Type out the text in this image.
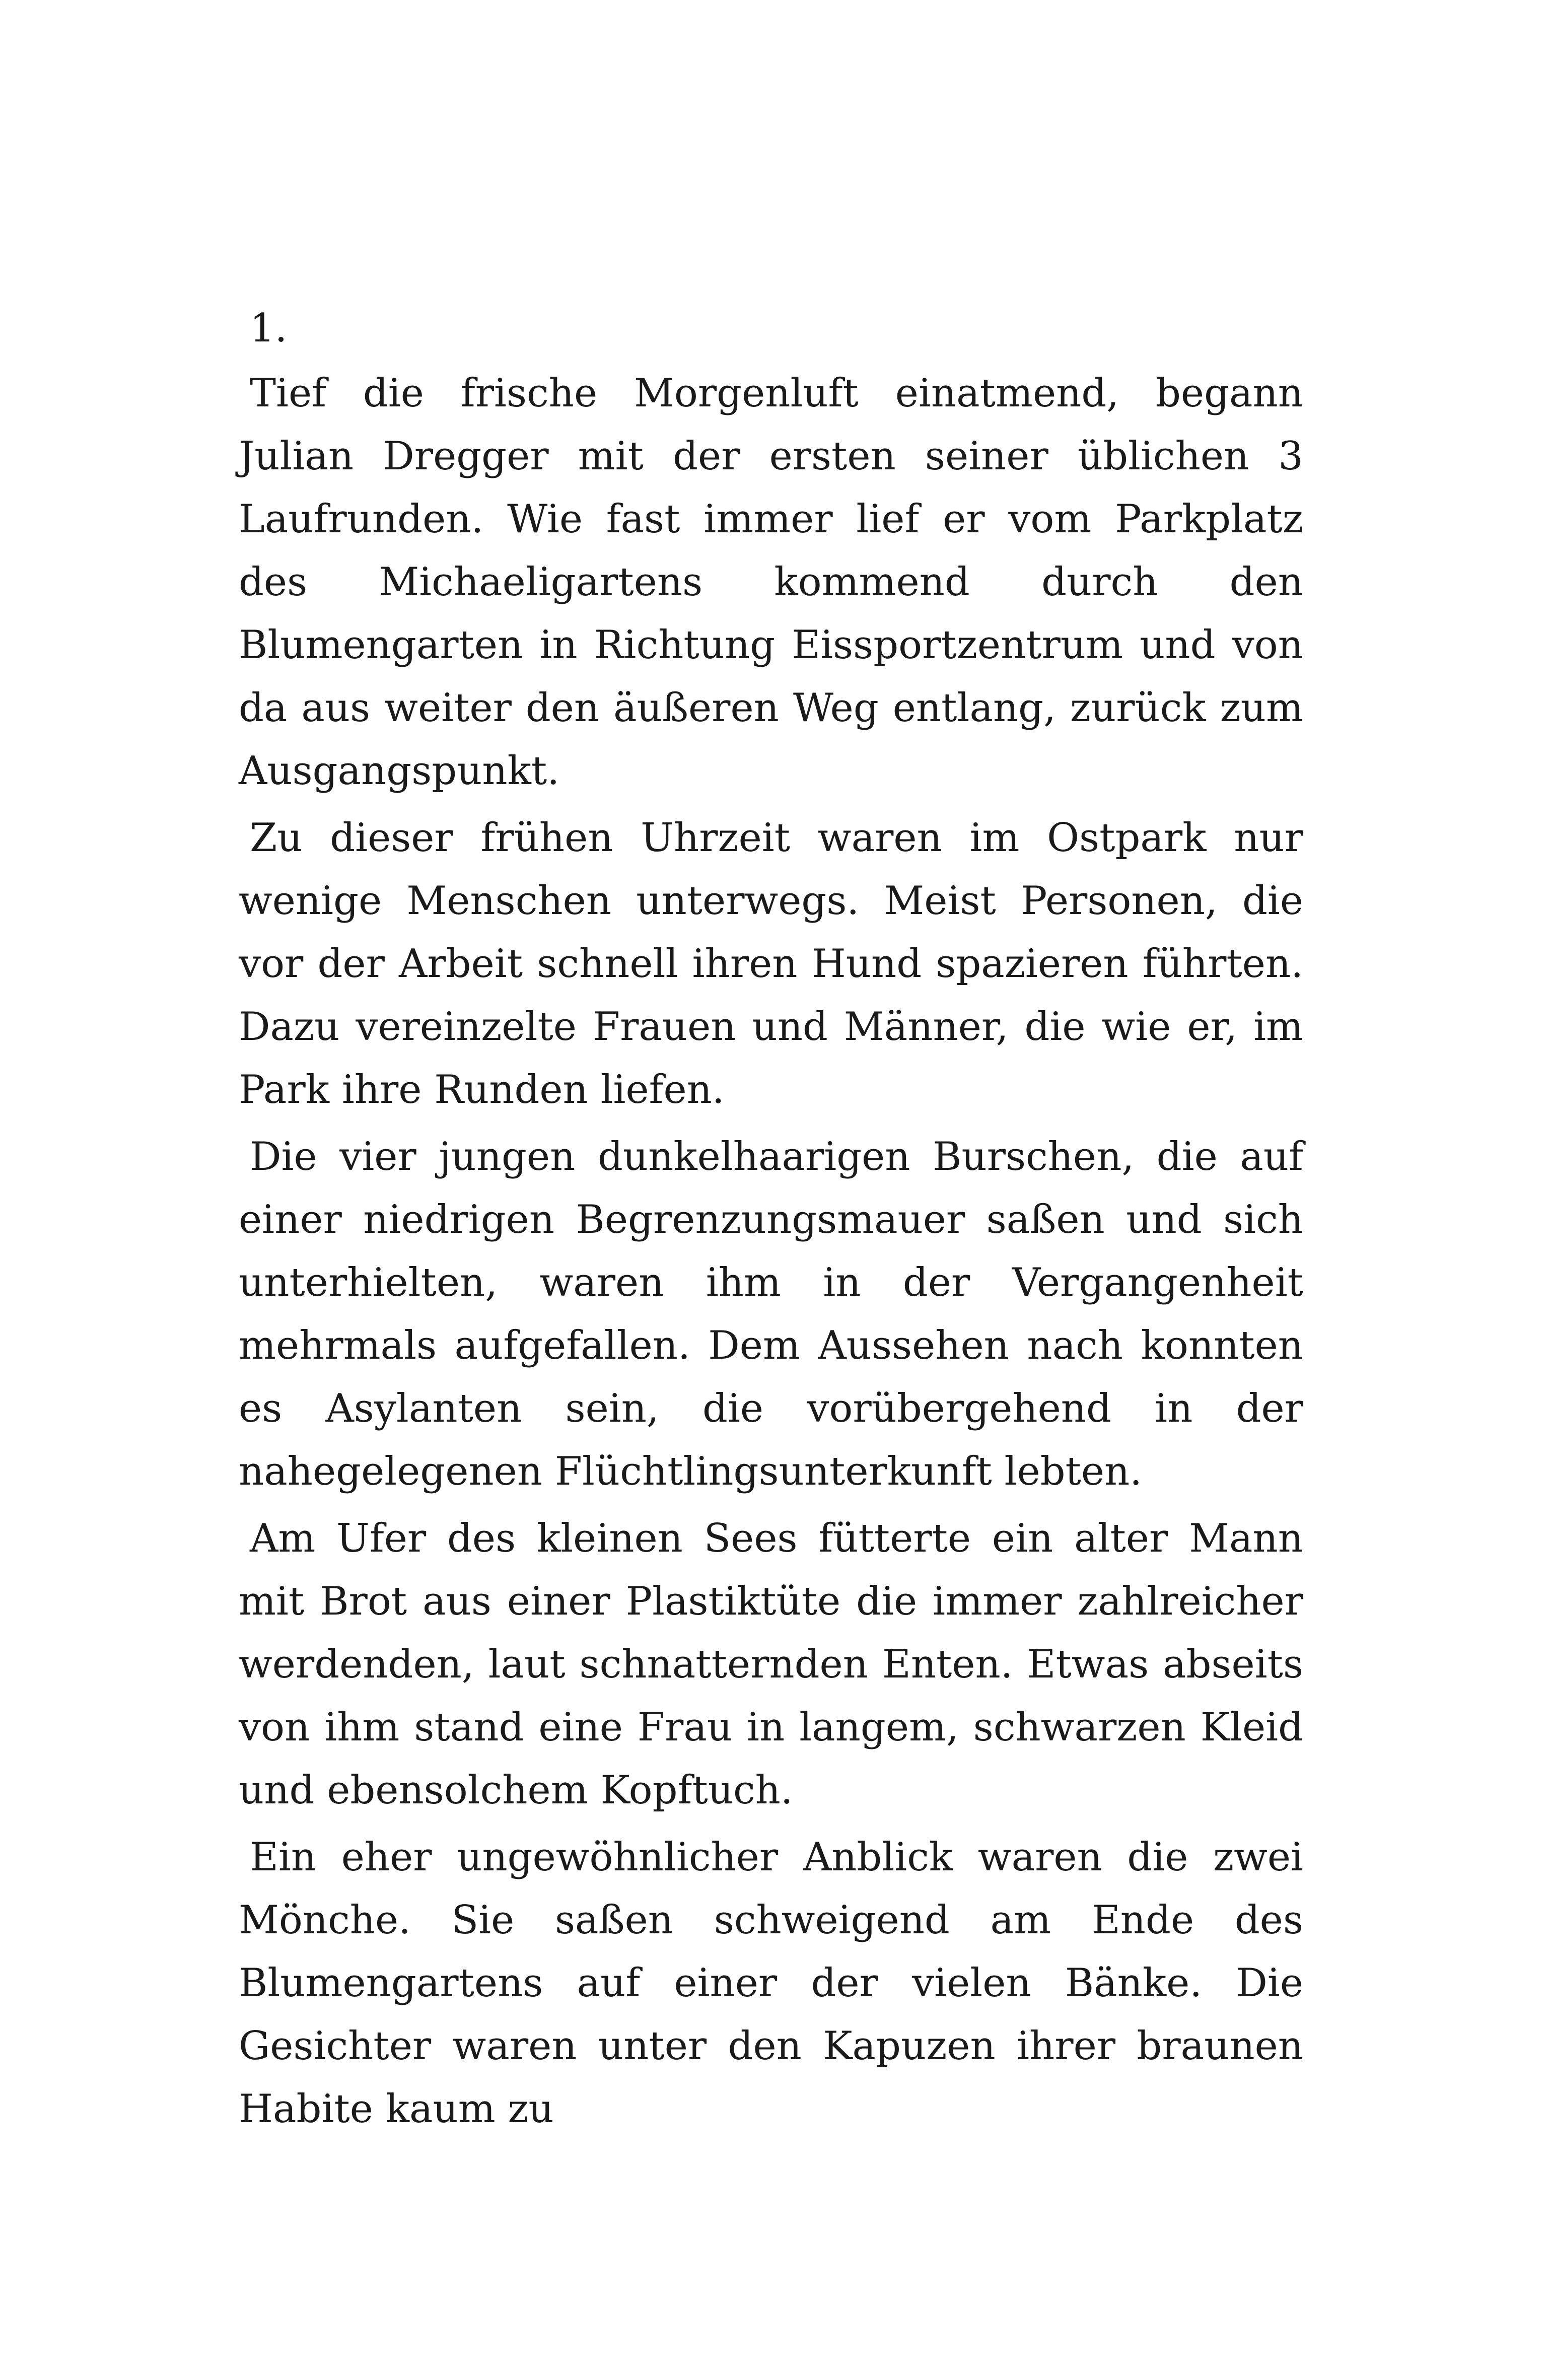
1.

Tief die frische Morgenluft einatmend, begann Julian Dregger mit der ersten seiner üblichen 3 Laufrunden. Wie fast immer lief er vom Parkplatz des Michaeligartens kommend durch den Blumengarten in Richtung Eissportzentrum und von da aus weiter den äußeren Weg entlang, zurück zum Ausgangspunkt.

Zu dieser frühen Uhrzeit waren im Ostpark nur wenige Menschen unterwegs. Meist Personen, die vor der Arbeit schnell ihren Hund spazieren führten. Dazu vereinzelte Frauen und Männer, die wie er, im Park ihre Runden liefen.

Die vier jungen dunkelhaarigen Burschen, die auf einer niedrigen Begrenzungsmauer saßen und sich unterhielten, waren ihm in der Vergangenheit mehrmals aufgefallen. Dem Aussehen nach konnten es Asylanten sein, die vorübergehend in der nahegelegenen Flüchtlingsunterkunft lebten.

Am Ufer des kleinen Sees fütterte ein alter Mann mit Brot aus einer Plastiktüte die immer zahlreicher werdenden, laut schnatternden Enten. Etwas abseits von ihm stand eine Frau in langem, schwarzen Kleid und ebensolchem Kopftuch.

Ein eher ungewöhnlicher Anblick waren die zwei Mönche. Sie saßen schweigend am Ende des Blumengartens auf einer der vielen Bänke. Die Gesichter waren unter den Kapuzen ihrer braunen Habite kaum zu
